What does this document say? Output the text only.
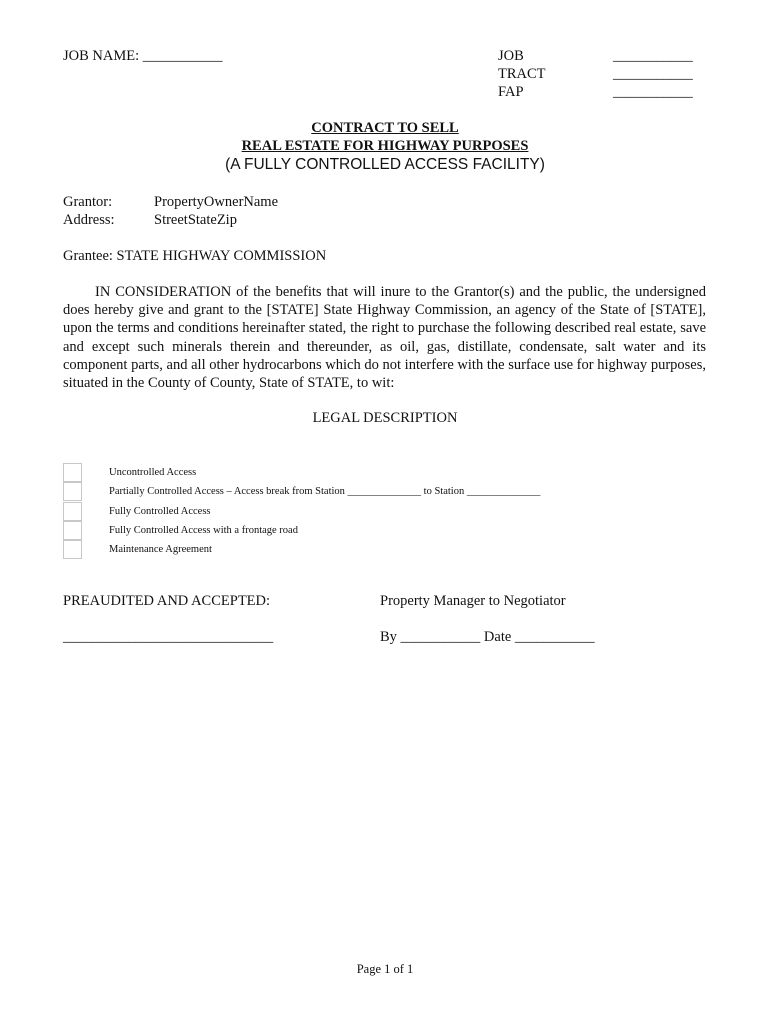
JOB NAME: ___________	JOB	___________
TRACT	___________
FAP	___________
CONTRACT TO SELL
REAL ESTATE FOR HIGHWAY PURPOSES
(A FULLY CONTROLLED ACCESS FACILITY)
Grantor:	PropertyOwnerName
Address:	StreetStateZip
Grantee: STATE HIGHWAY COMMISSION
IN CONSIDERATION of the benefits that will inure to the Grantor(s) and the public, the undersigned does hereby give and grant to the [STATE] State Highway Commission, an agency of the State of [STATE], upon the terms and conditions hereinafter stated, the right to purchase the following described real estate, save and except such minerals therein and thereunder, as oil, gas, distillate, condensate, salt water and its component parts, and all other hydrocarbons which do not interfere with the surface use for highway purposes, situated in the County of County, State of STATE, to wit:
LEGAL DESCRIPTION
Uncontrolled Access
Partially Controlled Access – Access break from Station ______________ to Station ______________
Fully Controlled Access
Fully Controlled Access with a frontage road
Maintenance Agreement
PREAUDITED AND ACCEPTED:	Property Manager to Negotiator
_____________________________	By ___________ Date ___________
Page 1 of 1
